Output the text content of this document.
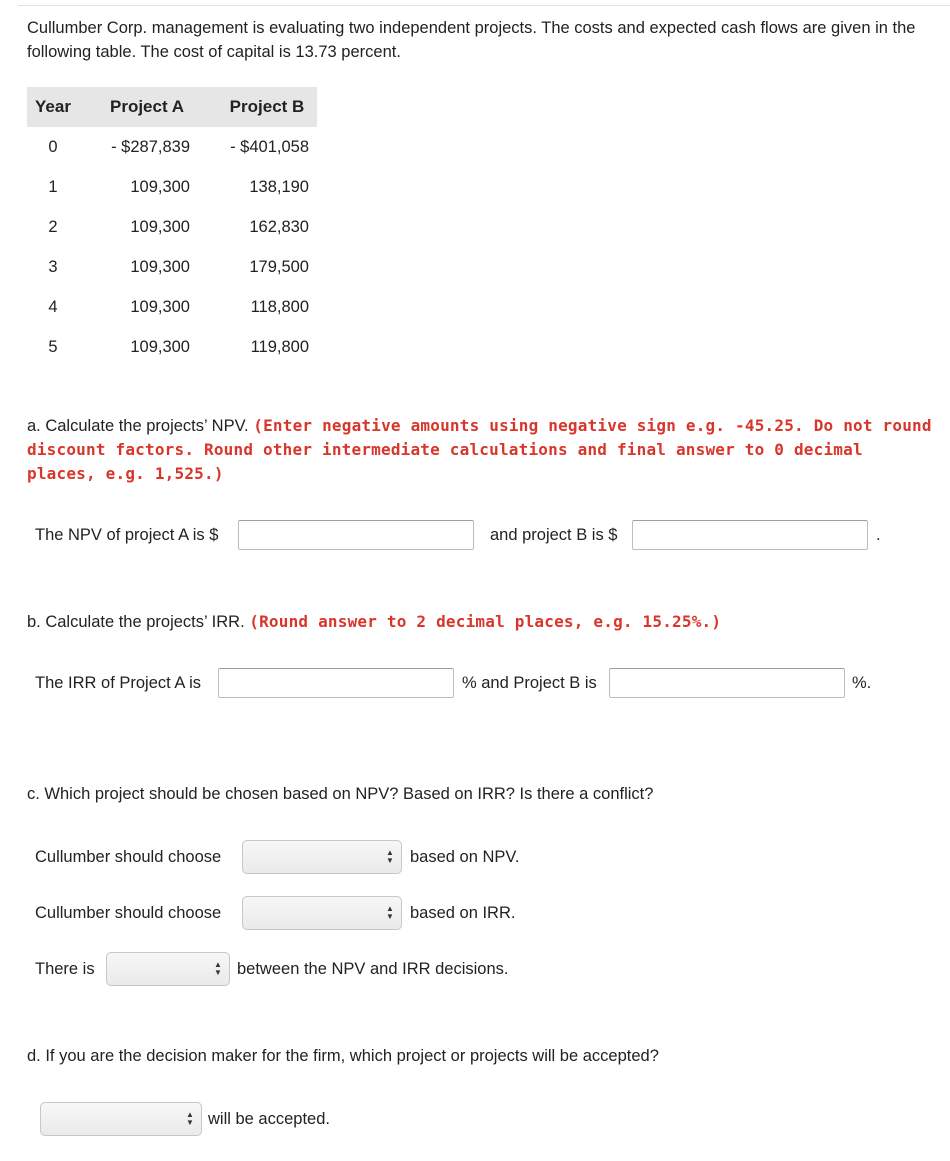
Cullumber Corp. management is evaluating two independent projects. The costs and expected cash flows are given in the following table. The cost of capital is 13.73 percent.
Year	Project A	Project B
0	- $287,839	- $401,058
1	109,300	138,190
2	109,300	162,830
3	109,300	179,500
4	109,300	118,800
5	109,300	119,800
a. Calculate the projects’ NPV. (Enter negative amounts using negative sign e.g. -45.25. Do not round discount factors. Round other intermediate calculations and final answer to 0 decimal places, e.g. 1,525.)
The NPV of project A is $	and project B is $	.
b. Calculate the projects’ IRR. (Round answer to 2 decimal places, e.g. 15.25%.)
The IRR of Project A is	% and Project B is	%.
c. Which project should be chosen based on NPV? Based on IRR? Is there a conflict?
Cullumber should choose	▲
▼ based on NPV.
Cullumber should choose	▲
▼ based on IRR.
There is	▲
▼ between the NPV and IRR decisions.
d. If you are the decision maker for the firm, which project or projects will be accepted?
▲
▼ will be accepted.
